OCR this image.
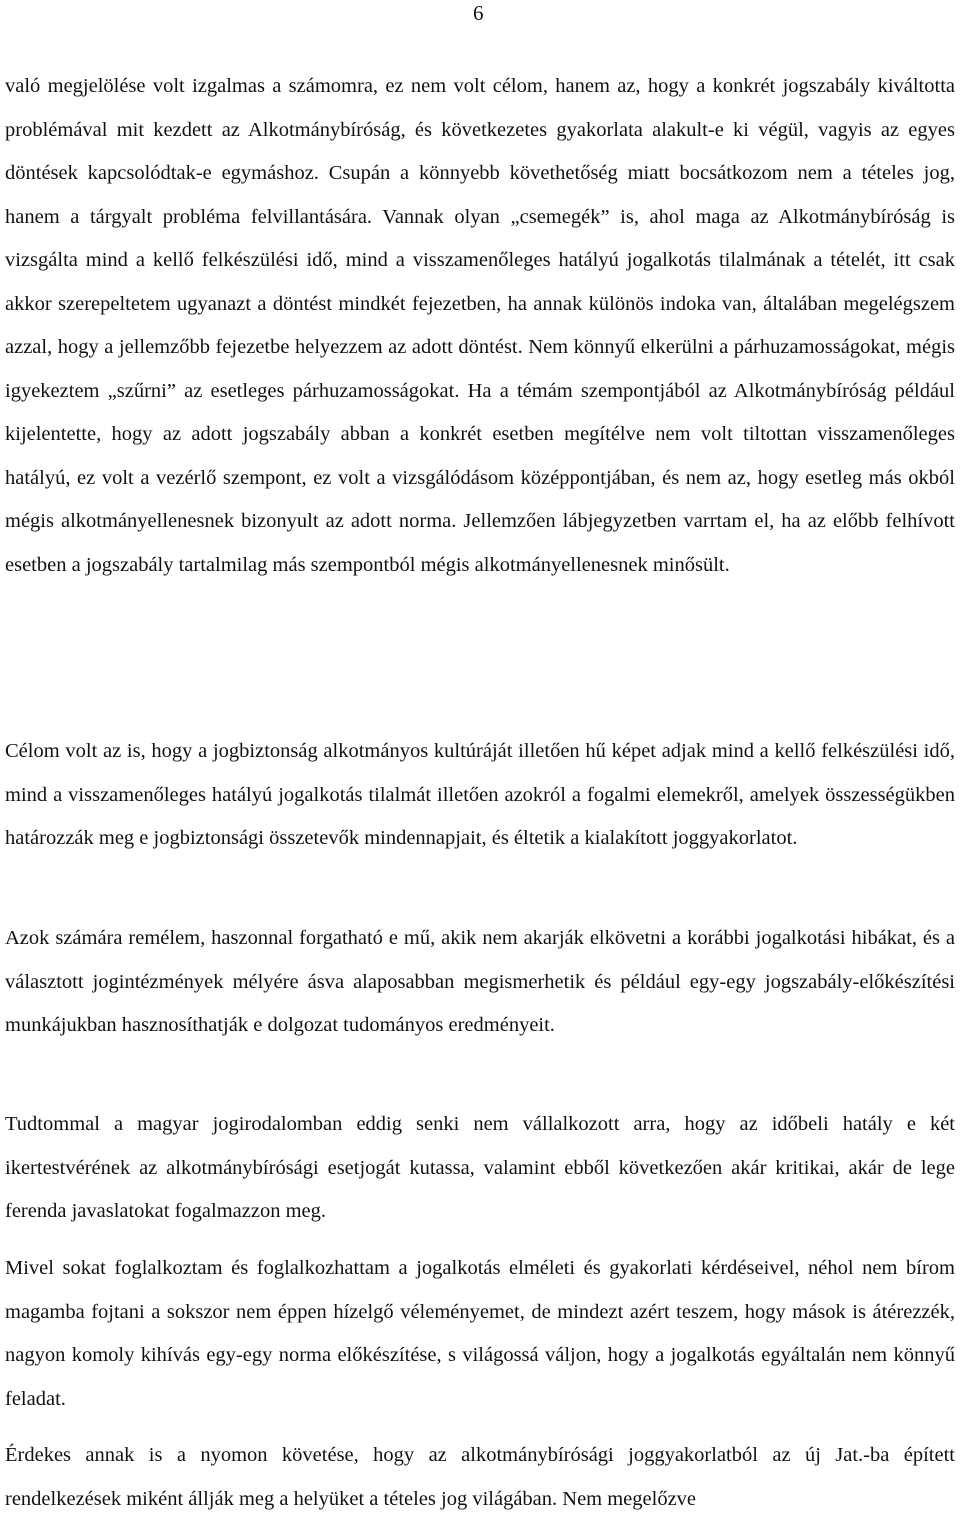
6

való megjelölése volt izgalmas a számomra, ez nem volt célom, hanem az, hogy a konkrét jogszabály kiváltotta problémával mit kezdett az Alkotmánybíróság, és következetes gyakorlata alakult-e ki végül, vagyis az egyes döntések kapcsolódtak-e egymáshoz. Csupán a könnyebb követhetőség miatt bocsátkozom nem a tételes jog, hanem a tárgyalt probléma felvillantására. Vannak olyan „csemegék” is, ahol maga az Alkotmánybíróság is vizsgálta mind a kellő felkészülési idő, mind a visszamenőleges hatályú jogalkotás tilalmának a tételét, itt csak akkor szerepeltetem ugyanazt a döntést mindkét fejezetben, ha annak különös indoka van, általában megelégszem azzal, hogy a jellemzőbb fejezetbe helyezzem az adott döntést. Nem könnyű elkerülni a párhuzamosságokat, mégis igyekeztem „szűrni” az esetleges párhuzamosságokat. Ha a témám szempontjából az Alkotmánybíróság például kijelentette, hogy az adott jogszabály abban a konkrét esetben megítélve nem volt tiltottan visszamenőleges hatályú, ez volt a vezérlő szempont, ez volt a vizsgálódásom középpontjában, és nem az, hogy esetleg más okból mégis alkotmányellenesnek bizonyult az adott norma. Jellemzően lábjegyzetben varrtam el, ha az előbb felhívott esetben a jogszabály tartalmilag más szempontból mégis alkotmányellenesnek minősült.

Célom volt az is, hogy a jogbiztonság alkotmányos kultúráját illetően hű képet adjak mind a kellő felkészülési idő, mind a visszamenőleges hatályú jogalkotás tilalmát illetően azokról a fogalmi elemekről, amelyek összességükben határozzák meg e jogbiztonsági összetevők mindennapjait, és éltetik a kialakított joggyakorlatot.

Azok számára remélem, haszonnal forgatható e mű, akik nem akarják elkövetni a korábbi jogalkotási hibákat, és a választott jogintézmények mélyére ásva alaposabban megismerhetik és például egy-egy jogszabály-előkészítési munkájukban hasznosíthatják e dolgozat tudományos eredményeit.

Tudtommal a magyar jogirodalomban eddig senki nem vállalkozott arra, hogy az időbeli hatály e két ikertestvérének az alkotmánybírósági esetjogát kutassa, valamint ebből következően akár kritikai, akár de lege ferenda javaslatokat fogalmazzon meg.

Mivel sokat foglalkoztam és foglalkozhattam a jogalkotás elméleti és gyakorlati kérdéseivel, néhol nem bírom magamba fojtani a sokszor nem éppen hízelgő véleményemet, de mindezt azért teszem, hogy mások is átérezzék, nagyon komoly kihívás egy-egy norma előkészítése, s világossá váljon, hogy a jogalkotás egyáltalán nem könnyű feladat.

Érdekes annak is a nyomon követése, hogy az alkotmánybírósági joggyakorlatból az új Jat.-ba épített rendelkezések miként állják meg a helyüket a tételes jog világában. Nem megelőzve
